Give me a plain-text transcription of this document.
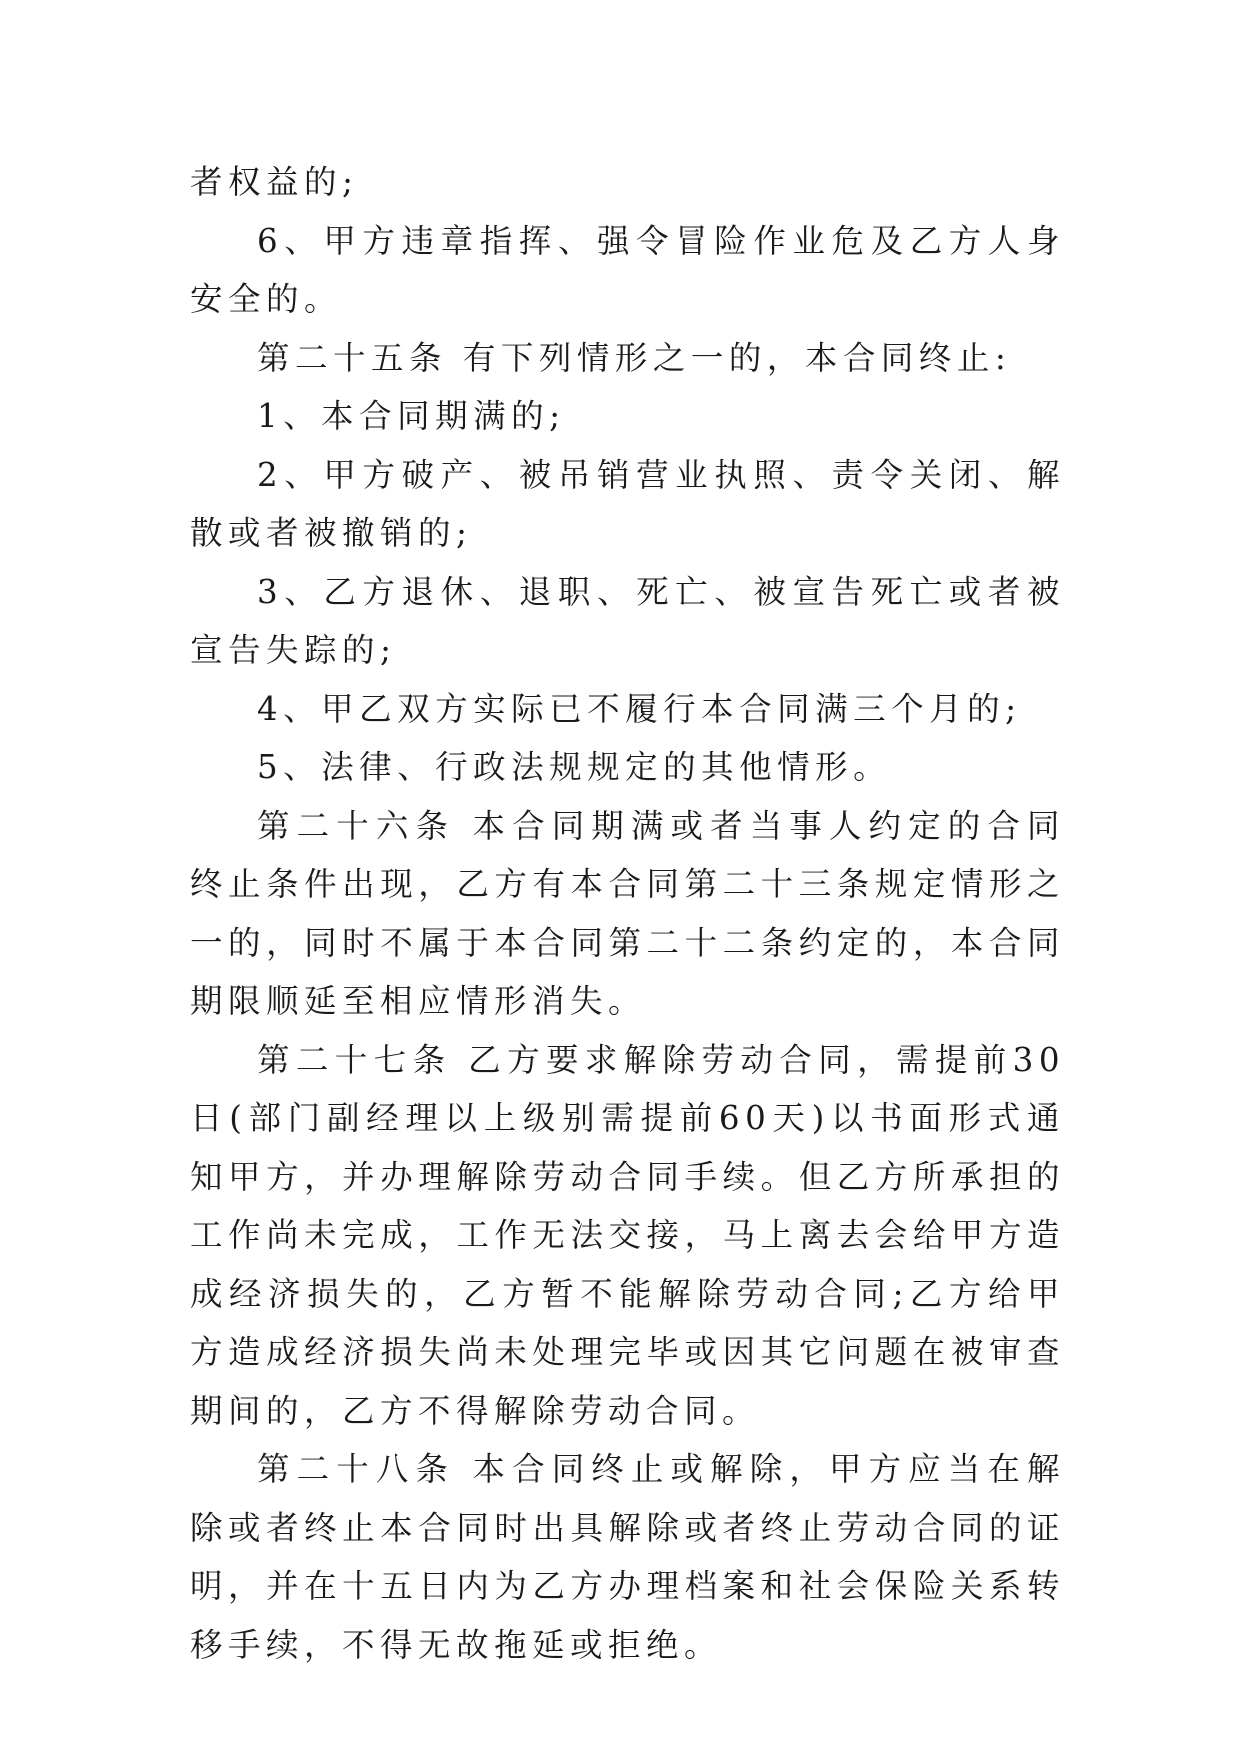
者权益的;

6、甲方违章指挥、强令冒险作业危及乙方人身安全的。

第二十五条 有下列情形之一的，本合同终止:

1、本合同期满的;

2、甲方破产、被吊销营业执照、责令关闭、解散或者被撤销的;

3、乙方退休、退职、死亡、被宣告死亡或者被宣告失踪的;

4、甲乙双方实际已不履行本合同满三个月的;

5、法律、行政法规规定的其他情形。

第二十六条 本合同期满或者当事人约定的合同终止条件出现，乙方有本合同第二十三条规定情形之一的，同时不属于本合同第二十二条约定的，本合同期限顺延至相应情形消失。

第二十七条 乙方要求解除劳动合同，需提前30日(部门副经理以上级别需提前60天)以书面形式通知甲方，并办理解除劳动合同手续。但乙方所承担的工作尚未完成，工作无法交接，马上离去会给甲方造成经济损失的，乙方暂不能解除劳动合同;乙方给甲方造成经济损失尚未处理完毕或因其它问题在被审查期间的，乙方不得解除劳动合同。

第二十八条 本合同终止或解除，甲方应当在解除或者终止本合同时出具解除或者终止劳动合同的证明，并在十五日内为乙方办理档案和社会保险关系转移手续，不得无故拖延或拒绝。
